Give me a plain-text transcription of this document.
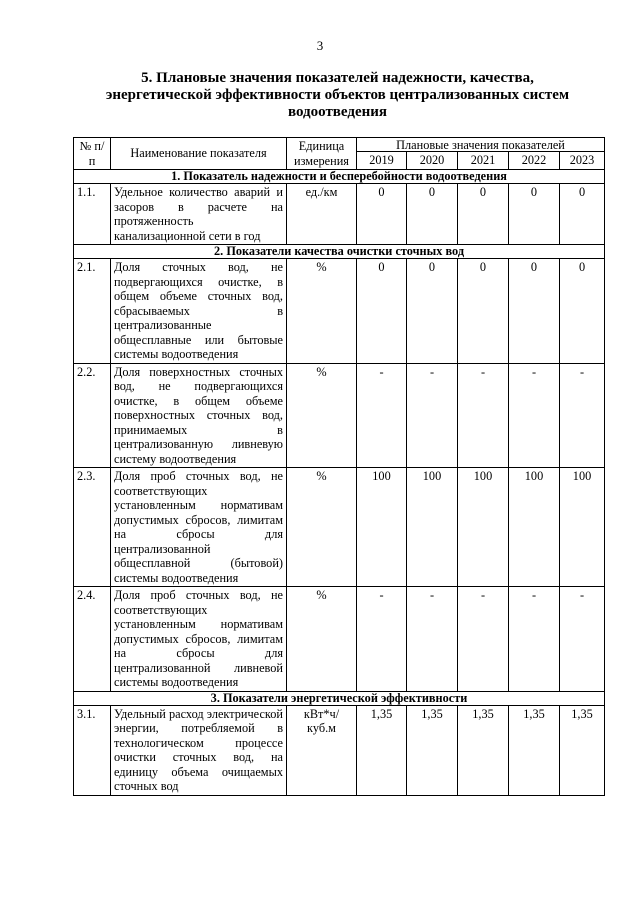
3
5. Плановые значения показателей надежности, качества, энергетической эффективности объектов централизованных систем водоотведения
№ п/п	Наименование показателя	Единица измерения	Плановые значения показателей				
			2019	2020	2021	2022	2023
1. Показатель надежности и бесперебойности водоотведения							
1.1.	Удельное количество аварий и засоров в расчете на протяженность канализационной сети в год	ед./км	0	0	0	0	0
2. Показатели качества очистки сточных вод							
2.1.	Доля сточных вод, не подвергающихся очистке, в общем объеме сточных вод, сбрасываемых в централизованные общесплавные или бытовые системы водоотведения	%	0	0	0	0	0
2.2.	Доля поверхностных сточных вод, не подвергающихся очистке, в общем объеме поверхностных сточных вод, принимаемых в централизованную ливневую систему водоотведения	%	-	-	-	-	-
2.3.	Доля проб сточных вод, не соответствующих установленным нормативам допустимых сбросов, лимитам на сбросы для централизованной общесплавной (бытовой) системы водоотведения	%	100	100	100	100	100
2.4.	Доля проб сточных вод, не соответствующих установленным нормативам допустимых сбросов, лимитам на сбросы для централизованной ливневой системы водоотведения	%	-	-	-	-	-
3. Показатели энергетической эффективности							
3.1.	Удельный расход электрической энергии, потребляемой в технологическом процессе очистки сточных вод, на единицу объема очищаемых сточных вод	кВт*ч/ куб.м	1,35	1,35	1,35	1,35	1,35
